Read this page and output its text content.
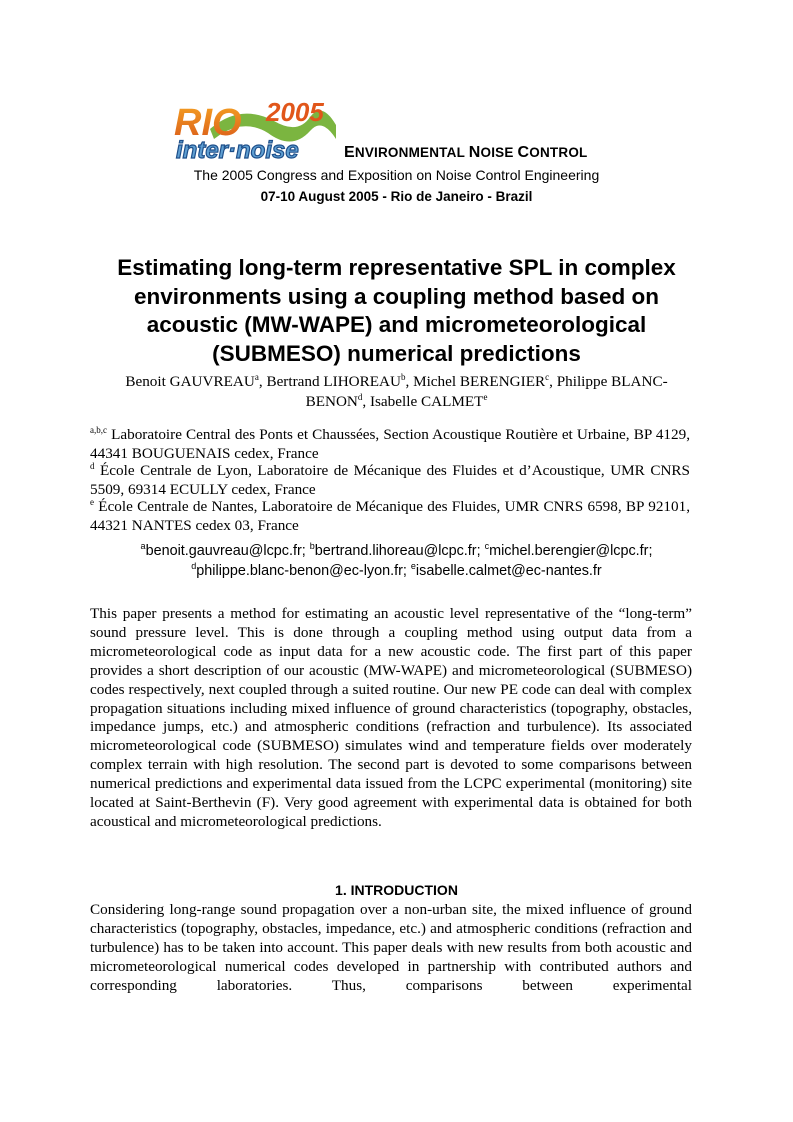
RIO 2005
inter·noise	ENVIRONMENTAL NOISE CONTROL
The 2005 Congress and Exposition on Noise Control Engineering
07-10 August 2005 - Rio de Janeiro - Brazil
Estimating long-term representative SPL in complex environments using a coupling method based on acoustic (MW-WAPE) and micrometeorological (SUBMESO) numerical predictions
Benoit GAUVREAU$^a$, Bertrand LIHOREAU$^b$, Michel BERENGIER$^c$, Philippe BLANC-BENON$^d$, Isabelle CALMET$^e$
$^{a,b,c}$ Laboratoire Central des Ponts et Chaussées, Section Acoustique Routière et Urbaine, BP 4129, 44341 BOUGUENAIS cedex, France
$^d$ École Centrale de Lyon, Laboratoire de Mécanique des Fluides et d’Acoustique, UMR CNRS 5509, 69314 ECULLY cedex, France
$^e$ École Centrale de Nantes, Laboratoire de Mécanique des Fluides, UMR CNRS 6598, BP 92101, 44321 NANTES cedex 03, France
$^a$benoit.gauvreau@lcpc.fr; $^b$bertrand.lihoreau@lcpc.fr; $^c$michel.berengier@lcpc.fr;
$^d$philippe.blanc-benon@ec-lyon.fr; $^e$isabelle.calmet@ec-nantes.fr
This paper presents a method for estimating an acoustic level representative of the “long-term” sound pressure level. This is done through a coupling method using output data from a micrometeorological code as input data for a new acoustic code. The first part of this paper provides a short description of our acoustic (MW-WAPE) and micrometeorological (SUBMESO) codes respectively, next coupled through a suited routine. Our new PE code can deal with complex propagation situations including mixed influence of ground characteristics (topography, obstacles, impedance jumps, etc.) and atmospheric conditions (refraction and turbulence). Its associated micrometeorological code (SUBMESO) simulates wind and temperature fields over moderately complex terrain with high resolution. The second part is devoted to some comparisons between numerical predictions and experimental data issued from the LCPC experimental (monitoring) site located at Saint-Berthevin (F). Very good agreement with experimental data is obtained for both acoustical and micrometeorological predictions.
1. INTRODUCTION
Considering long-range sound propagation over a non-urban site, the mixed influence of ground characteristics (topography, obstacles, impedance, etc.) and atmospheric conditions (refraction and turbulence) has to be taken into account. This paper deals with new results from both acoustic and micrometeorological numerical codes developed in partnership with contributed authors and corresponding laboratories. Thus, comparisons between experimental
